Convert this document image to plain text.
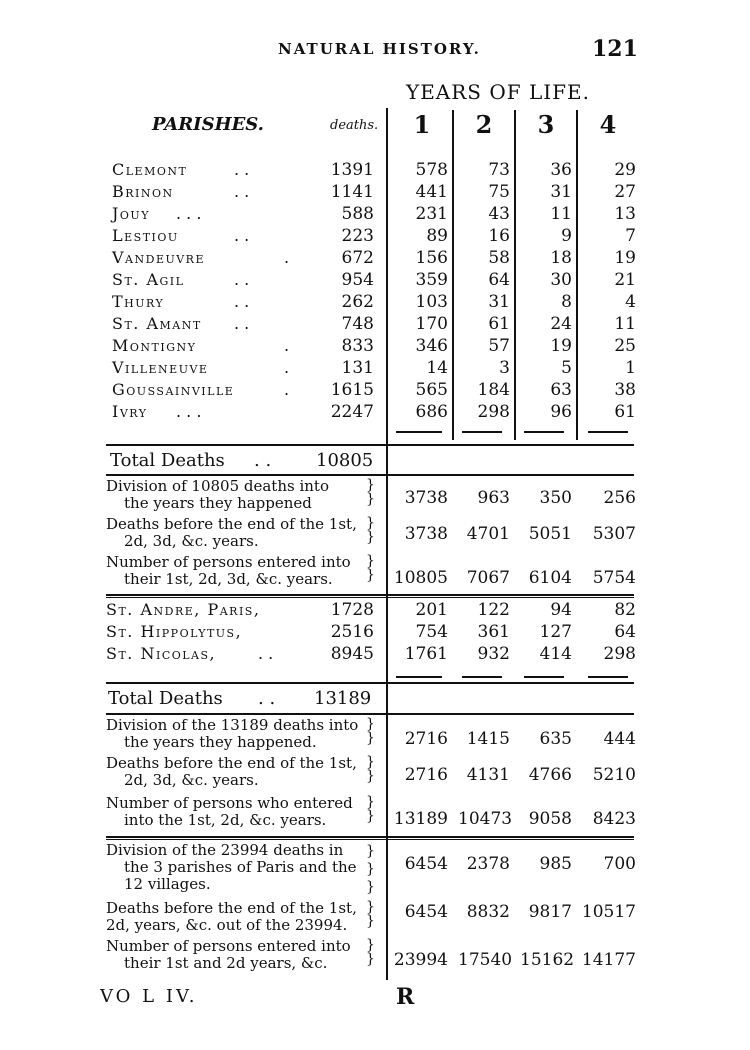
NATURAL HISTORY.	121
YEARS OF LIFE.
PARISHES.	deaths.	1	2	3	4
Clemont	. .	1391	578	73	36	29
Brinon	. .	1141	441	75	31	27
Jouy . . .	588	231	43	11	13
Lestiou	. .	223	89	16	9	7
Vandeuvre	.	672	156	58	18	19
St. Agil	. .	954	359	64	30	21
Thury	. .	262	103	31	8	4
St. Amant . .	748	170	61	24	11
Montigny	.	833	346	57	19	25
Villeneuve	.	131	14	3	5	1
Goussainville	.	1615	565	184	63	38
Ivry . . .	2247	686	298	96	61
Total Deaths . . 10805
Division of 10805 deaths into
the years they happened
}
}	3738	963	350	256
Deaths before the end of the 1st,
2d, 3d, &c. years.
}
}	3738	4701	5051	5307
Number of persons entered into
their 1st, 2d, 3d, &c. years.
}
} 10805	7067	6104	5754
St. Andre, Paris,	1728	201	122	94	82
St. Hippolytus,	2516	754	361	127	64
St. Nicolas,	. .	8945	1761	932	414	298
Total Deaths . . 13189
Division of the 13189 deaths into
the years they happened.
}
}	2716	1415	635	444
Deaths before the end of the 1st,
2d, 3d, &c. years.
}
}	2716	4131	4766	5210
Number of persons who entered
into the 1st, 2d, &c. years.
}
} 13189 10473 9058	8423
Division of the 23994 deaths in
the 3 parishes of Paris and the
12 villages.
}
}
}
6454	2378	985	700
Deaths before the end of the 1st,
2d, years, &c. out of the 23994.
}
}	6454	8832	9817 10517
Number of persons entered into
their 1st and 2d years, &c.
}
} 23994 17540 15162 14177
VO L IV.	R
